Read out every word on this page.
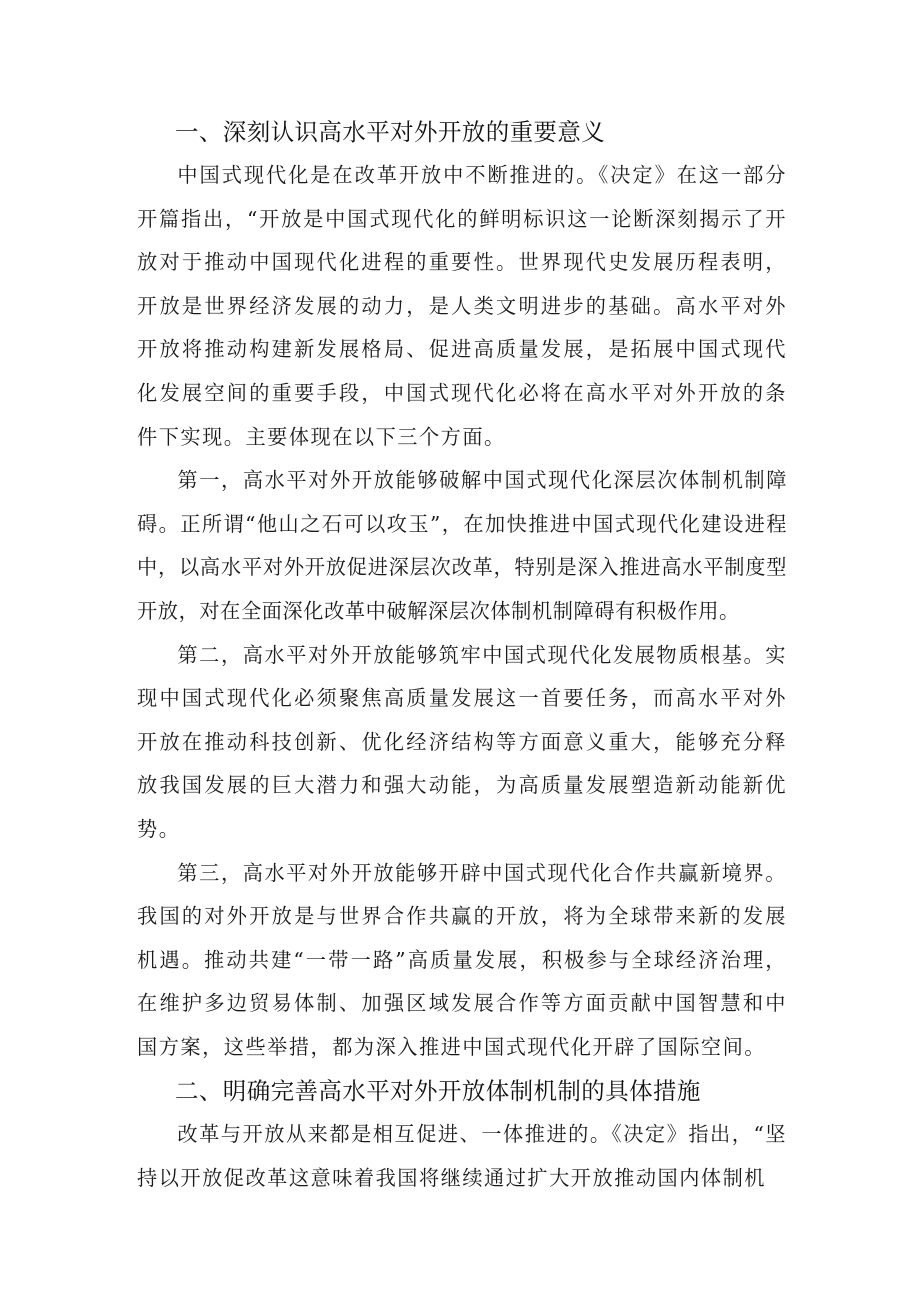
一、深刻认识高水平对外开放的重要意义

中国式现代化是在改革开放中不断推进的。《决定》在这一部分开篇指出，“开放是中国式现代化的鲜明标识这一论断深刻揭示了开放对于推动中国现代化进程的重要性。世界现代史发展历程表明，开放是世界经济发展的动力，是人类文明进步的基础。高水平对外开放将推动构建新发展格局、促进高质量发展，是拓展中国式现代化发展空间的重要手段，中国式现代化必将在高水平对外开放的条件下实现。主要体现在以下三个方面。

第一，高水平对外开放能够破解中国式现代化深层次体制机制障碍。正所谓“他山之石可以攻玉”，在加快推进中国式现代化建设进程中，以高水平对外开放促进深层次改革，特别是深入推进高水平制度型开放，对在全面深化改革中破解深层次体制机制障碍有积极作用。

第二，高水平对外开放能够筑牢中国式现代化发展物质根基。实现中国式现代化必须聚焦高质量发展这一首要任务，而高水平对外开放在推动科技创新、优化经济结构等方面意义重大，能够充分释放我国发展的巨大潜力和强大动能，为高质量发展塑造新动能新优势。

第三，高水平对外开放能够开辟中国式现代化合作共赢新境界。我国的对外开放是与世界合作共赢的开放，将为全球带来新的发展机遇。推动共建“一带一路”高质量发展，积极参与全球经济治理，在维护多边贸易体制、加强区域发展合作等方面贡献中国智慧和中国方案，这些举措，都为深入推进中国式现代化开辟了国际空间。

二、明确完善高水平对外开放体制机制的具体措施

改革与开放从来都是相互促进、一体推进的。《决定》指出，“坚持以开放促改革这意味着我国将继续通过扩大开放推动国内体制机
